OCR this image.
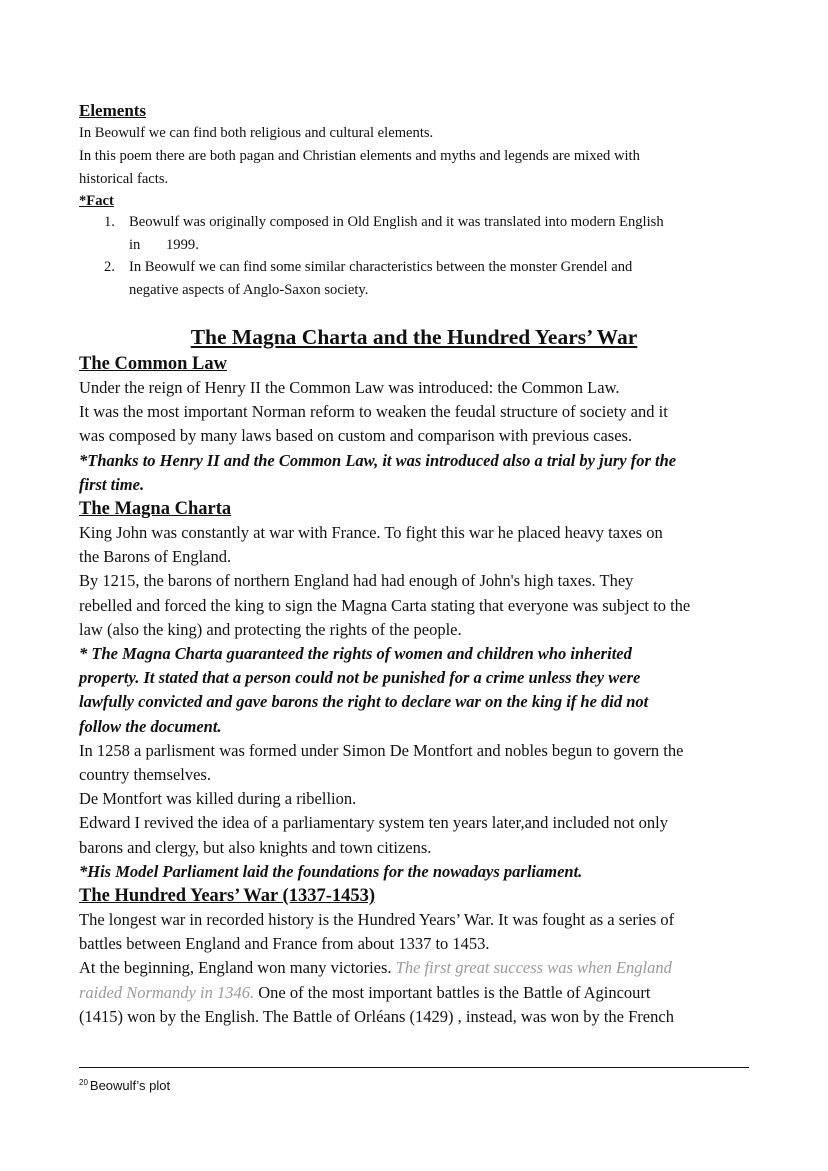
Elements

In Beowulf we can find both religious and cultural elements.

In this poem there are both pagan and Christian elements and myths and legends are mixed with

historical facts.

*Fact
1. Beowulf was originally composed in Old English and it was translated into modern English
in 1999.
2. In Beowulf we can find some similar characteristics between the monster Grendel and
negative aspects of Anglo-Saxon society.
The Magna Charta and the Hundred Years’ War
The Common Law

Under the reign of Henry II the Common Law was introduced: the Common Law.

It was the most important Norman reform to weaken the feudal structure of society and it

was composed by many laws based on custom and comparison with previous cases.

*Thanks to Henry II and the Common Law, it was introduced also a trial by jury for the

first time.

The Magna Charta

King John was constantly at war with France. To fight this war he placed heavy taxes on

the Barons of England.

By 1215, the barons of northern England had had enough of John's high taxes. They

rebelled and forced the king to sign the Magna Carta stating that everyone was subject to the

law (also the king) and protecting the rights of the people.

* The Magna Charta guaranteed the rights of women and children who inherited

property. It stated that a person could not be punished for a crime unless they were

lawfully convicted and gave barons the right to declare war on the king if he did not

follow the document.

In 1258 a parlisment was formed under Simon De Montfort and nobles begun to govern the

country themselves.

De Montfort was killed during a ribellion.

Edward I revived the idea of a parliamentary system ten years later,and included not only

barons and clergy, but also knights and town citizens.

*His Model Parliament laid the foundations for the nowadays parliament.

The Hundred Years’ War (1337-1453)

The longest war in recorded history is the Hundred Years’ War. It was fought as a series of

battles between England and France from about 1337 to 1453.

At the beginning, England won many victories. The first great success was when England

raided Normandy in 1346. One of the most important battles is the Battle of Agincourt

(1415) won by the English. The Battle of Orléans (1429) , instead, was won by the French

$^{20}$ Beowulf’s plot
